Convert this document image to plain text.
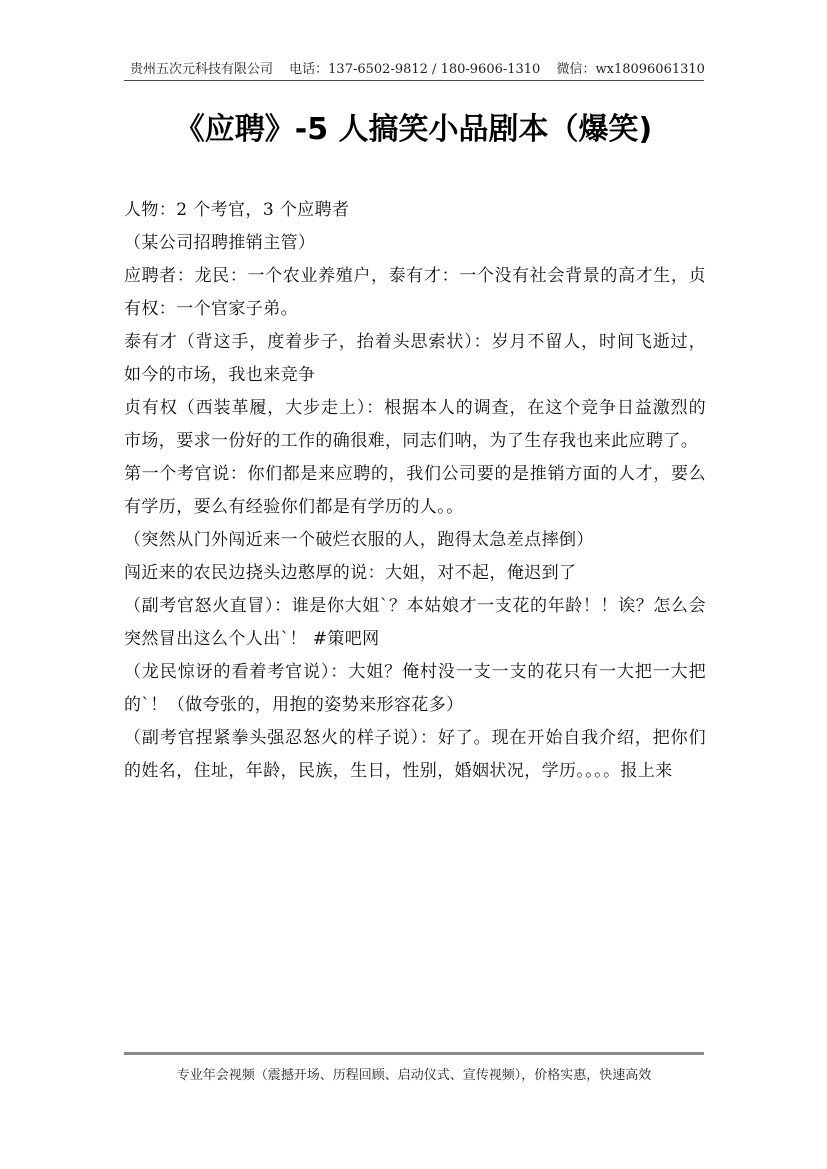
贵州五次元科技有限公司 电话：137-6502-9812 / 180-9606-1310 微信：wx18096061310
《应聘》-5 人搞笑小品剧本（爆笑)

人物：2 个考官，3 个应聘者

（某公司招聘推销主管）

应聘者：龙民：一个农业养殖户，泰有才：一个没有社会背景的高才生，贞有权：一个官家子弟。

泰有才（背这手，度着步子，抬着头思索状）：岁月不留人，时间飞逝过，如今的市场，我也来竞争

贞有权（西装革履，大步走上）：根据本人的调查，在这个竞争日益激烈的市场，要求一份好的工作的确很难，同志们呐，为了生存我也来此应聘了。

第一个考官说：你们都是来应聘的，我们公司要的是推销方面的人才，要么有学历，要么有经验你们都是有学历的人。。

（突然从门外闯近来一个破烂衣服的人，跑得太急差点摔倒）

闯近来的农民边挠头边憨厚的说：大姐，对不起，俺迟到了

（副考官怒火直冒）：谁是你大姐`？本姑娘才一支花的年龄！！诶？怎么会突然冒出这么个人出`！ #策吧网

（龙民惊讶的看着考官说）：大姐？俺村没一支一支的花只有一大把一大把的`！（做夸张的，用抱的姿势来形容花多）

（副考官捏紧拳头强忍怒火的样子说）：好了。现在开始自我介绍，把你们的姓名，住址，年龄，民族，生日，性别，婚姻状况，学历。。。。报上来

专业年会视频（震撼开场、历程回顾、启动仪式、宣传视频），价格实惠，快速高效
